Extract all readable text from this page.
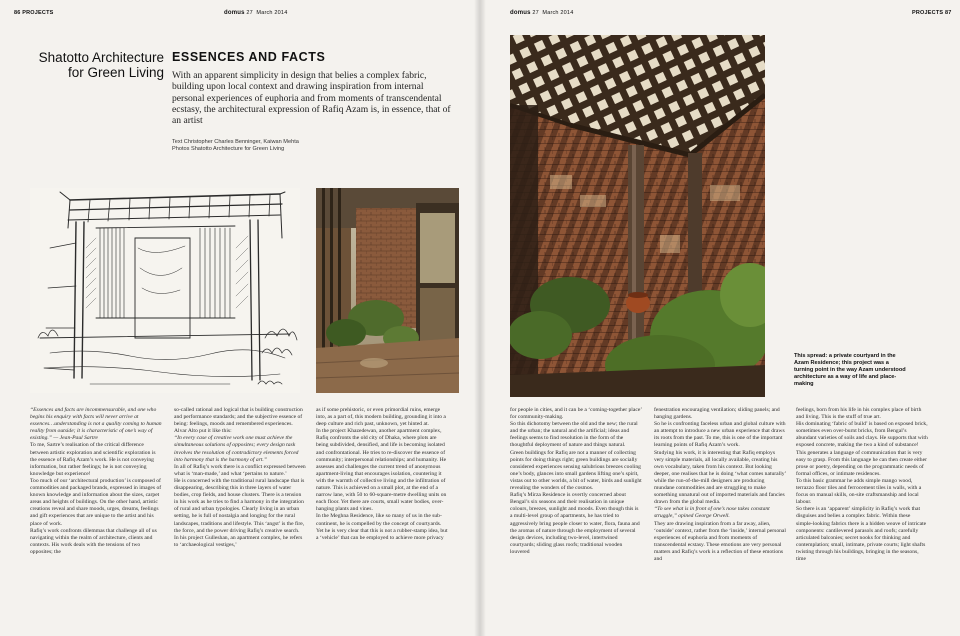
86 PROJECTS	domus 27 March 2014
Shatotto Architecture
for Green Living
ESSENCES AND FACTS
With an apparent simplicity in design that belies a complex fabric, building upon local context and drawing inspiration from internal personal experiences of euphoria and from moments of transcendental ecstasy, the architectural expression of Rafiq Azam is, in essence, that of an artist
Text Christopher Charles Benninger, Kaiwan Mehta
Photos Shatotto Architecture for Green Living

“Essences and facts are incommensurable, and one who begins his enquiry with facts will never arrive at essences…understanding is not a quality coming to human reality from outside; it is characteristic of one’s way of existing.” — Jean-Paul Sartre

To me, Sartre’s realisation of the critical difference between artistic exploration and scientific exploration is the essence of Rafiq Azam’s work. He is not conveying information, but rather feelings; he is not conveying knowledge but experience!

Too much of our ‘architectural production’ is composed of commodities and packaged brands, expressed in images of known knowledge and information about the sizes, carpet areas and heights of buildings. On the other hand, artistic creations reveal and share moods, urges, dreams, feelings and gift experiences that are unique to the artist and his place of work.

Rafiq’s work confronts dilemmas that challenge all of us navigating within the realm of architecture, clients and contexts. His work deals with the tensions of two opposites; the

so-called rational and logical that is building construction and performance standards; and the subjective essence of being: feelings, moods and remembered experiences.

Alvar Alto put it like this:

“In every case of creative work one must achieve the simultaneous solutions of opposites; every design task involves the resolution of contradictory elements forced into harmony that is the harmony of art.”

In all of Rafiq’s work there is a conflict expressed between what is ‘man-made,’ and what ‘pertains to nature.’

He is concerned with the traditional rural landscape that is disappearing, describing this in three layers of water bodies, crop fields, and house clusters. There is a tension in his work as he tries to find a harmony in the integration of rural and urban typologies. Clearly living in an urban setting, he is full of nostalgia and longing for the rural landscapes, traditions and lifestyle. This ‘angst’ is the fire, the force, and the power driving Rafiq’s creative search.

In his project Gulleshan, an apartment complex, he refers to ‘archaeological vestiges,’

as if some prehistoric, or even primordial ruins, emerge into, as a part of, this modern building, grounding it into a deep culture and rich past, unknown, yet hinted at.

In the project Khazedewan, another apartment complex, Rafiq confronts the old city of Dhaka, where plots are being subdivided, densified, and life is becoming isolated and confrontational. He tries to re-discover the essence of community; interpersonal relationships; and humanity. He assesses and challenges the current trend of anonymous apartment-living that encourages isolation, countering it with the warmth of collective living and the infiltration of nature. This is achieved on a small plot, at the end of a narrow lane, with 50 to 60-square-metre dwelling units on each floor. Yet there are courts, small water bodies, over-hanging plants and vines.

In the Meghna Residence, like so many of us in the sub-continent, he is compelled by the concept of courtyards. Yet he is very clear that this is not a rubber-stamp idea, but a ‘vehicle’ that can be employed to achieve more privacy

domus 27 March 2014	PROJECTS 87
This spread: a private courtyard in the Azam Residence; this project was a turning point in the way Azam understood architecture as a way of life and place-making

for people in cities, and it can be a ‘coming-together place’ for community-making.

So this dichotomy between the old and the new; the rural and the urban; the natural and the artificial; ideas and feelings seems to find resolution in the form of the thoughtful deployment of nature and things natural.

Green buildings for Rafiq are not a manner of collecting points for doing things right; green buildings are socially considered experiences sensing salubrious breezes cooling one’s body, glances into small gardens lifting one’s spirit, vistas out to other worlds, a bit of water, birds and sunlight revealing the wonders of the cosmos.

Rafiq’s Mirza Residence is overtly concerned about Bengal’s six seasons and their realisation in unique colours, breezes, sunlight and moods. Even though this is a multi-level group of apartments, he has tried to aggressively bring people closer to water, flora, fauna and the aromas of nature through the employment of several design devices, including two-level, intertwined courtyards; sliding glass roofs; traditional wooden louvered

fenestration encouraging ventilation; sliding panels; and hanging gardens.

So he is confronting faceless urban and global culture with an attempt to introduce a new urban experience that draws its roots from the past. To me, this is one of the important learning points of Rafiq Azam’s work.

Studying his work, it is interesting that Rafiq employs very simple materials, all locally available, creating his own vocabulary, taken from his context. But looking deeper, one realises that he is doing ‘what comes naturally’ while the run-of-the-mill designers are producing mundane commodities and are struggling to make something unnatural out of imported materials and fancies drawn from the global media.

“To see what is in front of one’s nose takes constant struggle,” opined George Orwell.

They are drawing inspiration from a far away, alien, ‘outside’ context, rather from the ‘inside,’ internal personal experiences of euphoria and from moments of transcendental ecstasy. These emotions are very personal matters and Rafiq’s work is a reflection of these emotions and

feelings, born from his life in his complex place of birth and living. This is the stuff of true art.

His dominating ‘fabric of build’ is based on exposed brick, sometimes even over-burnt bricks, from Bengal’s abundant varieties of soils and clays. He supports that with exposed concrete, making the two a kind of substance! This generates a language of communication that is very easy to grasp. From this language he can then create either prose or poetry, depending on the programmatic needs of formal offices, or intimate residences.

To this basic grammar he adds simple mango wood, terrazzo floor tiles and ferrocement tiles in walls, with a focus on manual skills, on-site craftsmanship and local labour.

So there is an ‘apparent’ simplicity in Rafiq’s work that disguises and belies a complex fabric. Within these simple-looking fabrics there is a hidden weave of intricate components: cantilevered parasols and roofs; carefully articulated balconies; secret nooks for thinking and contemplation; small, intimate, private courts; light shafts twisting through his buildings, bringing in the seasons, time
